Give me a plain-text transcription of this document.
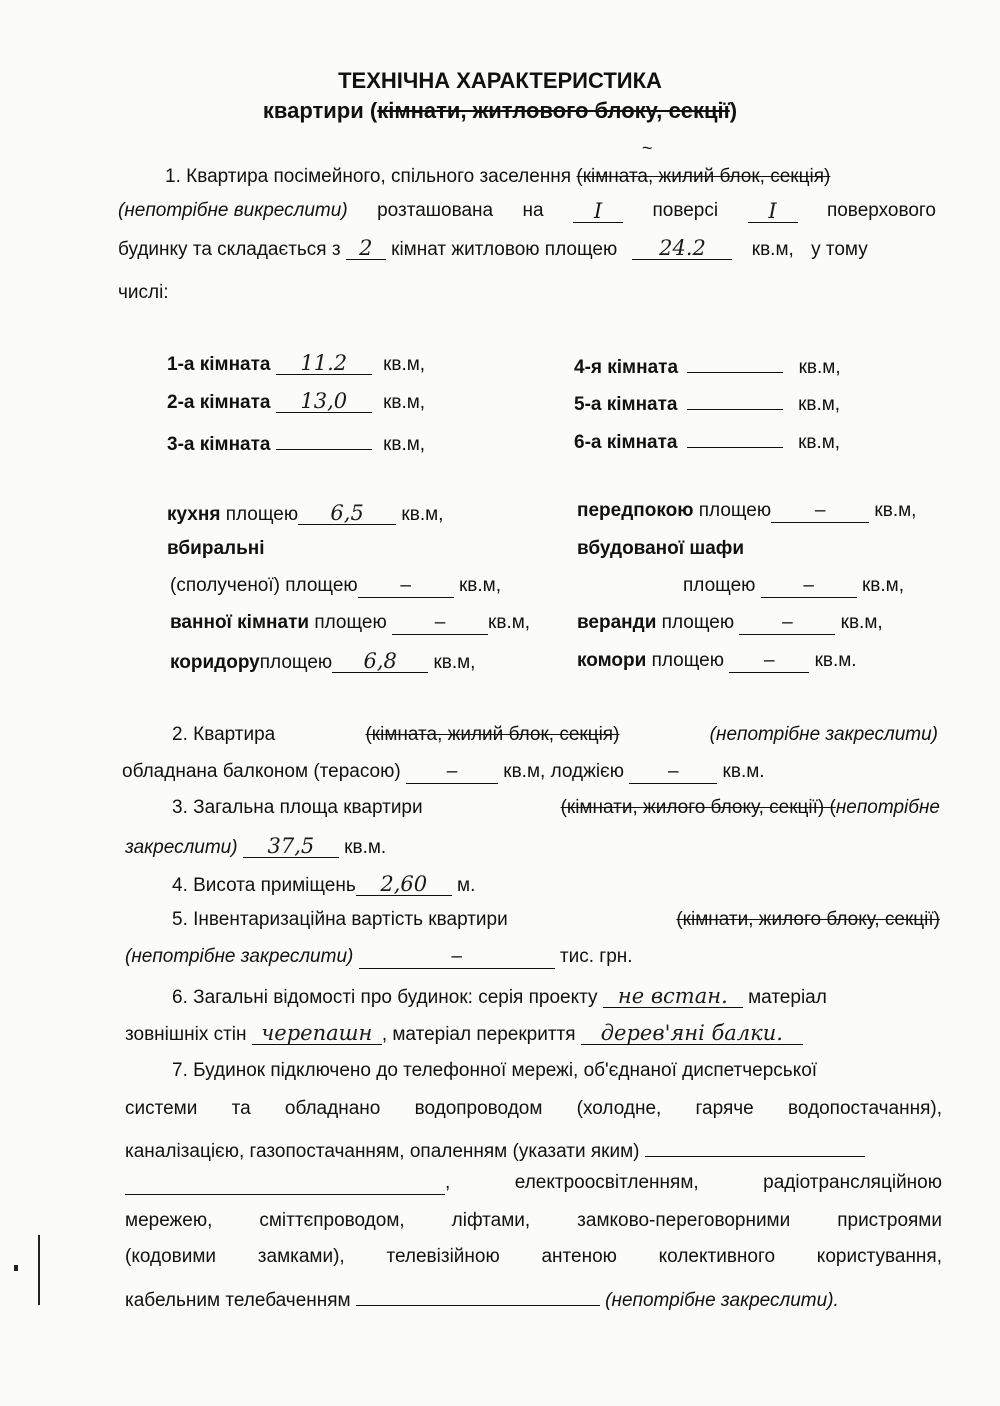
ТЕХНІЧНА ХАРАКТЕРИСТИКА
квартири (кімнати, житлового блоку, секції)
~
1. Квартира посімейного, спільного заселення (кімната, жилий блок, секція)
(непотрібне викреслити) розташована на	I	поверсі	I	поверхового
будинку та складається з 2 кімнат житловою площею 24.2 кв.м, у тому
числі:
1-а кімната 11.2 кв.м,
2-а кімната 13,0 кв.м,
3-а кімната	кв.м,
4-я кімната	кв.м,
5-а кімната	кв.м,
6-а кімната	кв.м,
кухня площею 6,5 кв.м,
вбиральні
(сполученої) площею –	кв.м,
ванної кімнати площею	– кв.м,
коридоруплощею 6,8 кв.м,
передпокою площею –	кв.м,
вбудованої шафи
площею	–	кв.м,
веранди площею	–	кв.м,
комори площею – кв.м.
2. Квартира	(кімната, жилий блок, секція)	(непотрібне закреслити)
обладнана балконом (терасою) – кв.м, лоджією – кв.м.
3. Загальна площа квартири	(кімнати, жилого блоку, секції) (непотрібне
закреслити) 37,5 кв.м.
4. Висота приміщень 2,60 м.
5. Інвентаризаційна вартість квартири	(кімнати, жилого блоку, секції)
(непотрібне закреслити)	–	тис. грн.
6. Загальні відомості про будинок: серія проекту не встан. матеріал
зовнішніх стін черепашн , матеріал перекриття дерев'яні балки.
7. Будинок підключено до телефонної мережі, об'єднаної диспетчерської
системи та обладнано водопроводом (холодне, гаряче водопостачання),
каналізацією, газопостачанням, опаленням (указати яким)
, електроосвітленням, радіотрансляційною
мережею, сміттєпроводом, ліфтами, замково-переговорними пристроями
(кодовими замками), телевізійною антеною колективного користування,
кабельним телебаченням	(непотрібне закреслити).
